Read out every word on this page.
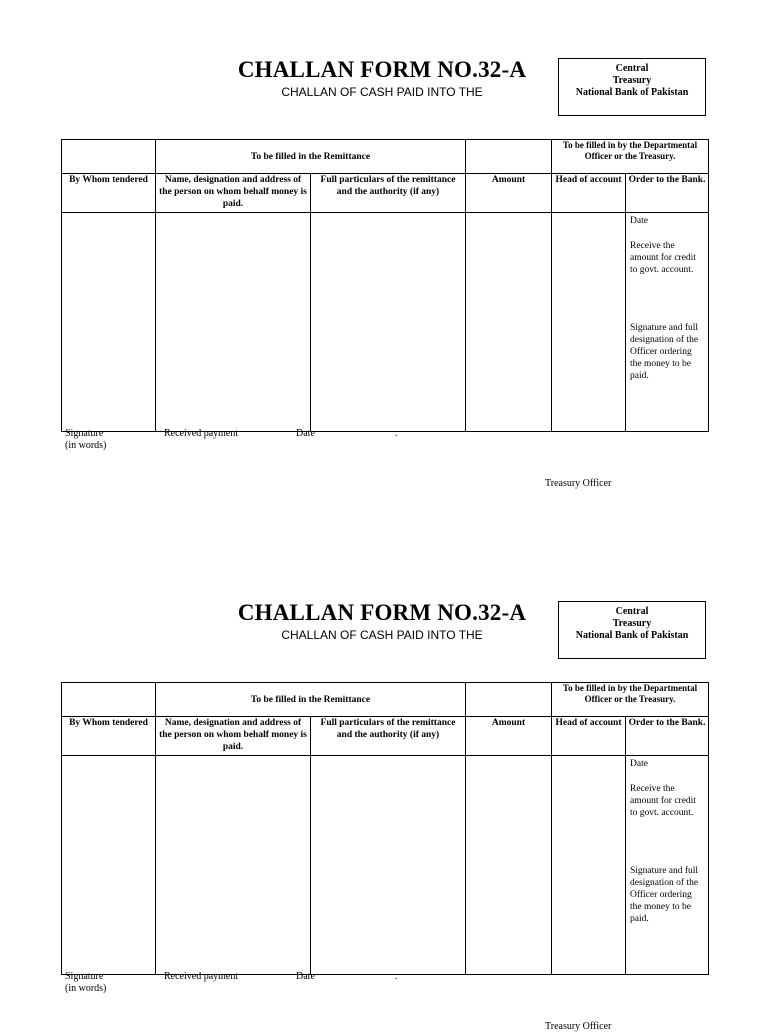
CHALLAN FORM NO.32-A
CHALLAN OF CASH PAID INTO THE
Central
Treasury
National Bank of Pakistan
	To be filled in the Remittance			To be filled in by the Departmental Officer or the Treasury.	
By Whom tendered	Name, designation and address of the person on whom behalf money is paid.	Full particulars of the remittance and the authority (if any)	Amount	Head of account	Order to the Bank.

					Date

Receive the amount for credit to govt. account.

Signature and full designation of the Officer ordering the money to be paid.

Signature
(in words)
Received payment	Date	.
Treasury Officer
CHALLAN FORM NO.32-A
CHALLAN OF CASH PAID INTO THE
Central
Treasury
National Bank of Pakistan
	To be filled in the Remittance			To be filled in by the Departmental Officer or the Treasury.	
By Whom tendered	Name, designation and address of the person on whom behalf money is paid.	Full particulars of the remittance and the authority (if any)	Amount	Head of account	Order to the Bank.

					Date

Receive the amount for credit to govt. account.

Signature and full designation of the Officer ordering the money to be paid.

Signature
(in words)
Received payment	Date	.
Treasury Officer
